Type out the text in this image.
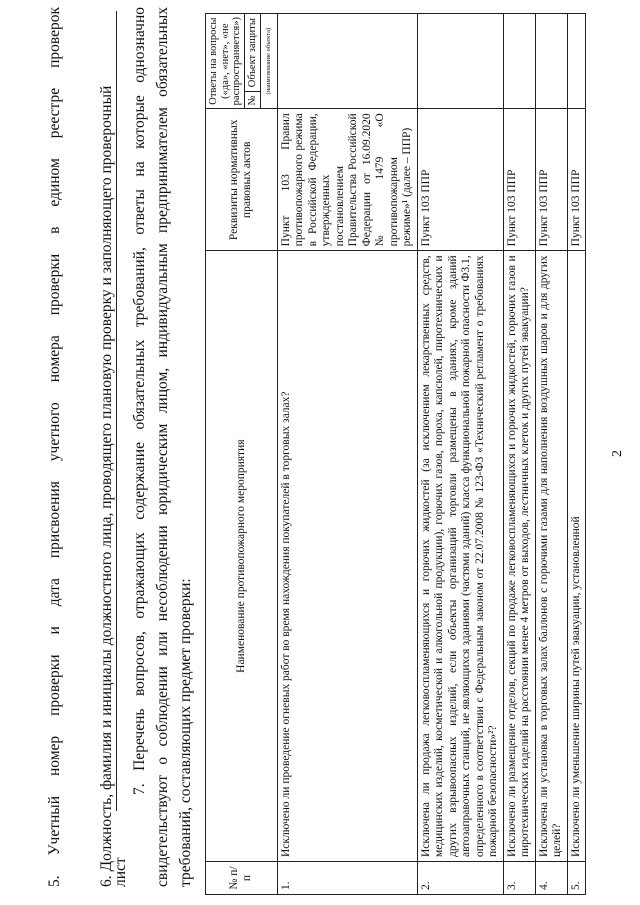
2
5. Учетный номер проверки и дата присвоения учетного номера проверки в едином реестре проверок 6. Должность, фамилия и инициалы должностного лица, проводящего плановую проверку и заполняющего проверочный
лист
7. Перечень вопросов, отражающих содержание обязательных требований, ответы на которые однозначно свидетельствуют о соблюдении или несоблюдении юридическим лицом, индивидуальным предпринимателем обязательных требований, составляющих предмет проверки:	№ п/п	Наименование противопожарного мероприятия	Реквизиты нормативных правовых актов	Ответы на вопросы («да», «нет», «не распространяется») №
Объект защиты (наименование объекта)

1.	Исключено ли проведение огневых работ во время нахождения покупателей в торговых залах?	Пункт 103 Правил противопожарного режима в Российской Федерации, утвержденных постановлением Правительства Российской Федерации от 16.09.2020 № 1479 «О противопожарном режиме»¹ (далее – ППР)	
2.	Исключена ли продажа легковоспламеняющихся и горючих жидкостей (за исключением лекарственных средств, медицинских изделий, косметической и алкогольной продукции), горючих газов, пороха, капсюлей, пиротехнических и других взрывоопасных изделий, если объекты организаций торговли размещены в зданиях, кроме зданий автозаправочных станций, не являющихся зданиями (частями зданий) класса функциональной пожарной опасности Ф3.1, определенного в соответствии с Федеральным законом от 22.07.2008 № 123-ФЗ «Технический регламент о требованиях пожарной безопасности»²?	Пункт 103 ППР	
3.	Исключено ли размещение отделов, секций по продаже легковоспламеняющихся и горючих жидкостей, горючих газов и пиротехнических изделий на расстоянии менее 4 метров от выходов, лестничных клеток и других путей эвакуации?	Пункт 103 ППР	
4.	Исключена ли установка в торговых залах баллонов с горючими газами для наполнения воздушных шаров и для других целей?	Пункт 103 ППР	
5.	Исключено ли уменьшение ширины путей эвакуации, установленной	Пункт 103 ППР	
